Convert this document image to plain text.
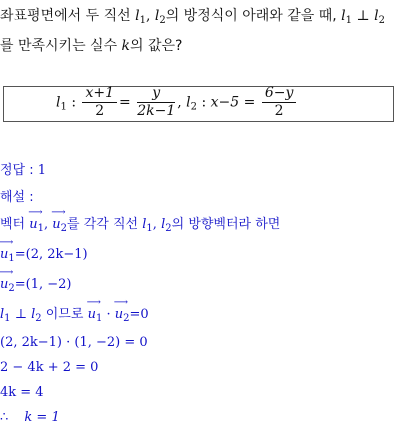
좌표평면에서 두 직선 $l_1$, $l_2$의 방정식이 아래와 같을 때, $l_1$ ⊥ $l_2$
를 만족시키는 실수 k의 값은?
$l_1$ : $\frac{x+1}{2} = \frac{y}{2k-1}$ , $l_2$ : $x-5 = \frac{6-y}{2}$
정답 : 1
해설 :
벡터 ⟶ $u_1$, ⟶ $u_2$를 각각 직선 $l_1$, $l_2$의 방향벡터라 하면
⟶ $u_1=(2$, 2k−1)
⟶ $u_2=(1$, −2)
$l_1$ ⊥ $l_2$ 이므로 ⟶ $u_1$ · ⟶ $u_2=0$
(2, 2k−1) · (1, −2) = 0
2 − 4k + 2 = 0
4k = 4
∴ k = 1
